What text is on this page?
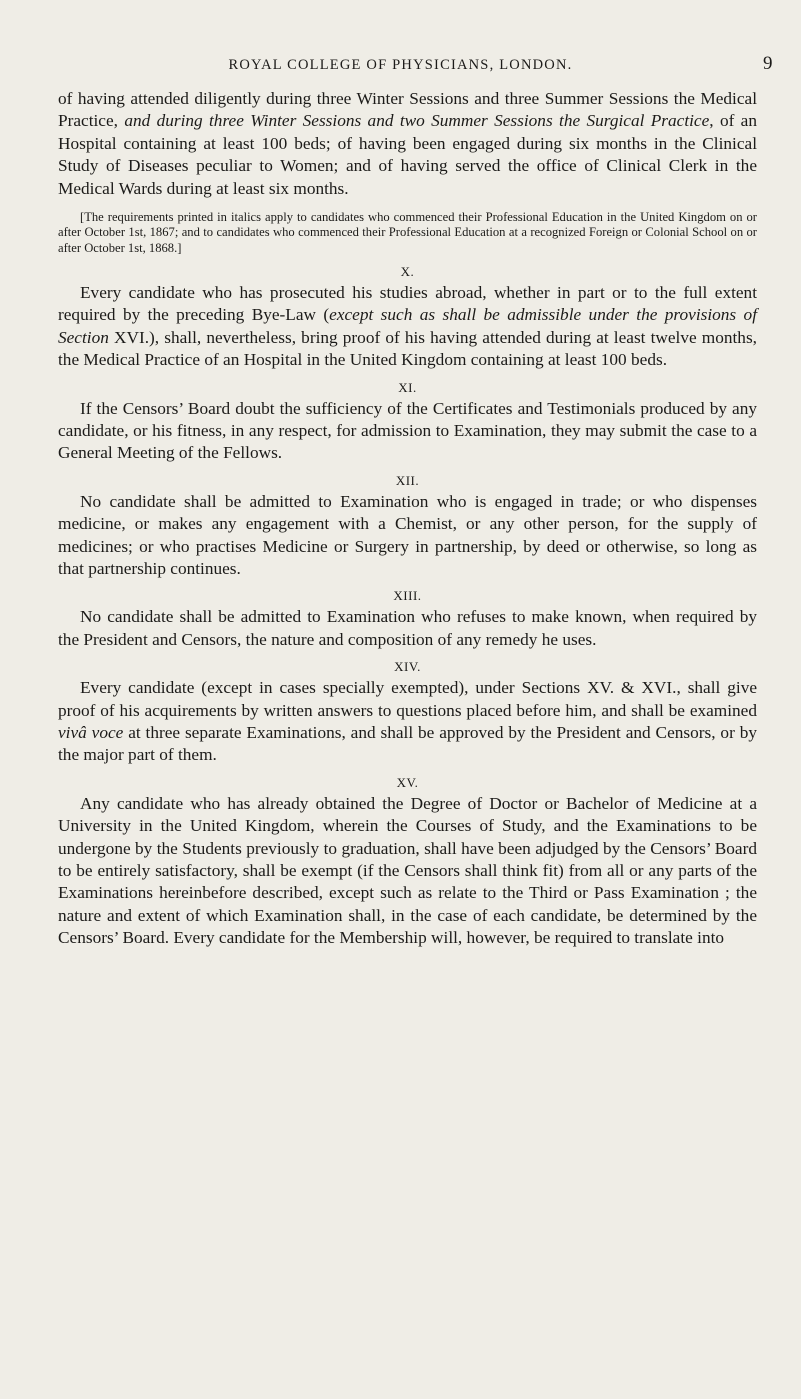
ROYAL COLLEGE OF PHYSICIANS, LONDON.	9

of having attended diligently during three Winter Sessions and three Summer Sessions the Medical Practice, and during three Winter Sessions and two Summer Sessions the Surgical Practice, of an Hospital containing at least 100 beds; of having been engaged during six months in the Clinical Study of Diseases peculiar to Women; and of having served the office of Clinical Clerk in the Medical Wards during at least six months.

[The requirements printed in italics apply to candidates who commenced their Professional Education in the United Kingdom on or after October 1st, 1867; and to candidates who commenced their Professional Education at a recognized Foreign or Colonial School on or after October 1st, 1868.]

X.

Every candidate who has prosecuted his studies abroad, whether in part or to the full extent required by the preceding Bye-Law (except such as shall be admissible under the provisions of Section XVI.), shall, nevertheless, bring proof of his having attended during at least twelve months, the Medical Practice of an Hospital in the United Kingdom containing at least 100 beds.

XI.

If the Censors’ Board doubt the sufficiency of the Certificates and Testimonials produced by any candidate, or his fitness, in any respect, for admission to Examination, they may submit the case to a General Meeting of the Fellows.

XII.

No candidate shall be admitted to Examination who is engaged in trade; or who dispenses medicine, or makes any engagement with a Chemist, or any other person, for the supply of medicines; or who practises Medicine or Surgery in partnership, by deed or otherwise, so long as that partnership continues.

XIII.

No candidate shall be admitted to Examination who refuses to make known, when required by the President and Censors, the nature and composition of any remedy he uses.

XIV.

Every candidate (except in cases specially exempted), under Sections XV. & XVI., shall give proof of his acquirements by written answers to questions placed before him, and shall be examined vivâ voce at three separate Examinations, and shall be approved by the President and Censors, or by the major part of them.

XV.

Any candidate who has already obtained the Degree of Doctor or Bachelor of Medicine at a University in the United Kingdom, wherein the Courses of Study, and the Examinations to be undergone by the Students previously to graduation, shall have been adjudged by the Censors’ Board to be entirely satisfactory, shall be exempt (if the Censors shall think fit) from all or any parts of the Examinations hereinbefore described, except such as relate to the Third or Pass Examination ; the nature and extent of which Examination shall, in the case of each candidate, be determined by the Censors’ Board. Every candidate for the Membership will, however, be required to translate into
